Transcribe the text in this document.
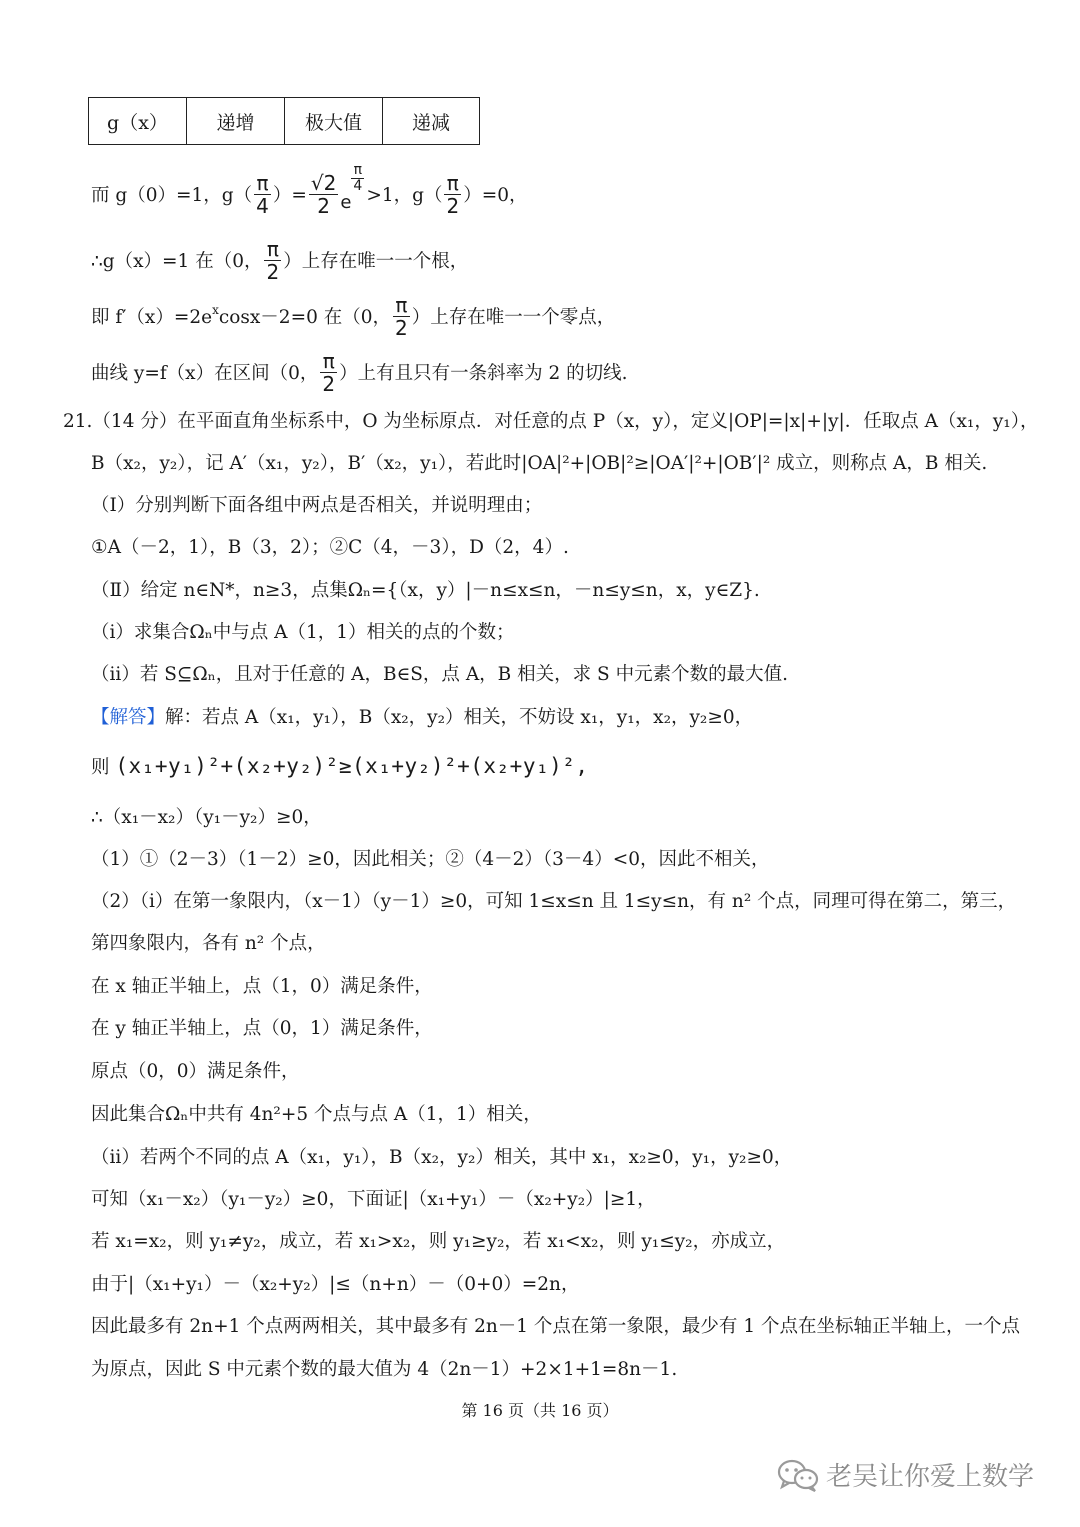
g（x）	递增	极大值	递减
而 g（0）=1，$g( \frac{\pi}{4}$ ）= $\frac{√2}{2}$ e
$\frac{\pi}{4}$
>1，$g( \frac{\pi}{2} )=0$，
∴g（x）=1 在（0， $\frac{\pi}{2}$ ）上存在唯一一个根，
即 $f'(x)=2e^x$ cosx－2=0 在（0， $\frac{\pi}{2}$ ）上存在唯一一个零点，
曲线 y=f（x）在区间（0， $\frac{\pi}{2}$ ）上有且只有一条斜率为 2 的切线.
21.（14 分）在平面直角坐标系中，O 为坐标原点．对任意的点 P（x，y），定义|OP|=|x|+|y|．任取点 A（x₁，y₁），
B（x₂，y₂），记 A′（x₁，y₂），B′（x₂，y₁），若此时|OA|²+|OB|²≥|OA′|²+|OB′|² 成立，则称点 A，B 相关.
（Ⅰ）分别判断下面各组中两点是否相关，并说明理由；
①A（－2，1），B（3，2）；②C（4，－3），D（2，4）.
（Ⅱ）给定 n∈N*，n≥3，点集Ωₙ={（x，y）|－n≤x≤n，－n≤y≤n，x，y∈Z}.
（i）求集合Ωₙ中与点 A（1，1）相关的点的个数；
（ii）若 S⊆Ωₙ，且对于任意的 A，B∈S，点 A，B 相关，求 S 中元素个数的最大值.
【解答】解：若点 A（x₁，y₁），B（x₂，y₂）相关，不妨设 x₁，y₁，x₂，y₂≥0，
则 (x₁+y₁)²+(x₂+y₂)²≥(x₁+y₂)²+(x₂+y₁)²,
∴（x₁－x₂）（y₁－y₂）≥0，
（1）①（2－3）（1－2）≥0，因此相关；②（4－2）（3－4）<0，因此不相关，
（2）（i）在第一象限内，（x－1）（y－1）≥0，可知 1≤x≤n 且 1≤y≤n，有 n² 个点，同理可得在第二，第三，
第四象限内，各有 n² 个点，
在 x 轴正半轴上，点（1，0）满足条件，
在 y 轴正半轴上，点（0，1）满足条件，
原点（0，0）满足条件，
因此集合Ωₙ中共有 4n²+5 个点与点 A（1，1）相关，
（ii）若两个不同的点 A（x₁，y₁），B（x₂，y₂）相关，其中 x₁，x₂≥0，y₁，y₂≥0，
可知（x₁－x₂）（y₁－y₂）≥0，下面证|（x₁+y₁）－（x₂+y₂）|≥1，
若 x₁=x₂，则 y₁≠y₂，成立，若 x₁>x₂，则 y₁≥y₂，若 x₁<x₂，则 y₁≤y₂，亦成立，
由于|（x₁+y₁）－（x₂+y₂）|≤（n+n）－（0+0）=2n，
因此最多有 2n+1 个点两两相关，其中最多有 2n－1 个点在第一象限，最少有 1 个点在坐标轴正半轴上，一个点
为原点，因此 S 中元素个数的最大值为 4（2n－1）+2×1+1=8n－1.
第 16 页（共 16 页）
老吴让你爱上数学
